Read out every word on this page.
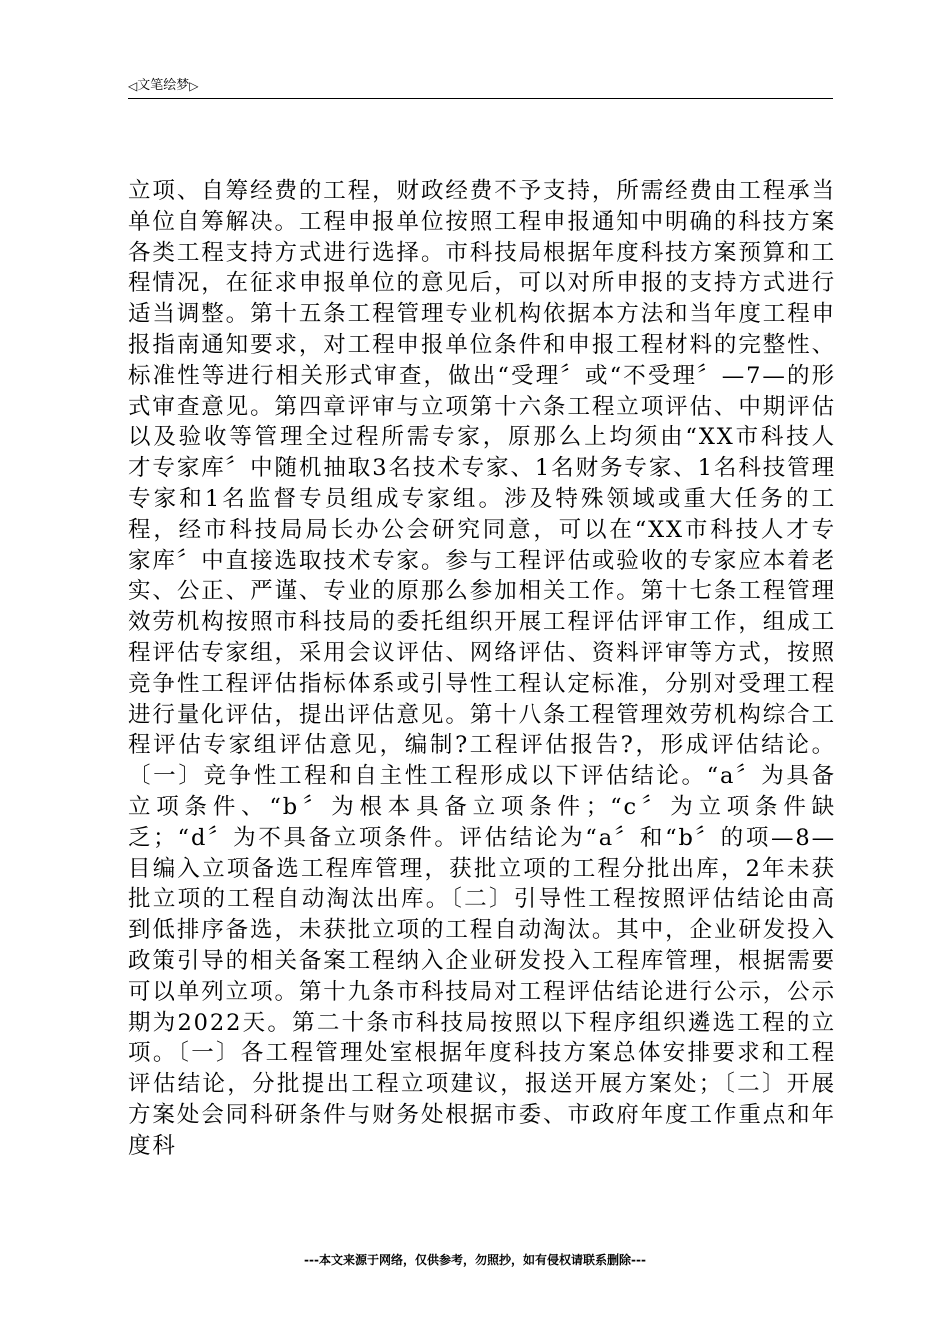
◁ 文笔绘梦 ▷

立项、自筹经费的工程，财政经费不予支持，所需经费由工程承当单位自筹解决。工程申报单位按照工程申报通知中明确的科技方案各类工程支持方式进行选择。市科技局根据年度科技方案预算和工程情况，在征求申报单位的意见后，可以对所申报的支持方式进行适当调整。第十五条工程管理专业机构依据本方法和当年度工程申报指南通知要求，对工程申报单位条件和申报工程材料的完整性、标准性等进行相关形式审查，做出“受理〞或“不受理〞—7—的形式审查意见。第四章评审与立项第十六条工程立项评估、中期评估以及验收等管理全过程所需专家，原那么上均须由“XX市科技人才专家库〞中随机抽取3名技术专家、1名财务专家、1名科技管理专家和1名监督专员组成专家组。涉及特殊领域或重大任务的工程，经市科技局局长办公会研究同意，可以在“XX市科技人才专家库〞中直接选取技术专家。参与工程评估或验收的专家应本着老实、公正、严谨、专业的原那么参加相关工作。第十七条工程管理效劳机构按照市科技局的委托组织开展工程评估评审工作，组成工程评估专家组，采用会议评估、网络评估、资料评审等方式，按照竞争性工程评估指标体系或引导性工程认定标准，分别对受理工程进行量化评估，提出评估意见。第十八条工程管理效劳机构综合工程评估专家组评估意见，编制?工程评估报告?，形成评估结论。〔一〕竞争性工程和自主性工程形成以下评估结论。“a〞为具备立项条件、“b〞为根本具备立项条件；“c〞为立项条件缺乏；“d〞为不具备立项条件。评估结论为“a〞和“b〞的项—8—目编入立项备选工程库管理，获批立项的工程分批出库，2年未获批立项的工程自动淘汰出库。〔二〕引导性工程按照评估结论由高到低排序备选，未获批立项的工程自动淘汰。其中，企业研发投入政策引导的相关备案工程纳入企业研发投入工程库管理，根据需要可以单列立项。第十九条市科技局对工程评估结论进行公示，公示期为2022天。第二十条市科技局按照以下程序组织遴选工程的立项。〔一〕各工程管理处室根据年度科技方案总体安排要求和工程评估结论，分批提出工程立项建议，报送开展方案处；〔二〕开展方案处会同科研条件与财务处根据市委、市政府年度工作重点和年度科

---本文来源于网络，仅供参考，勿照抄，如有侵权请联系删除---
